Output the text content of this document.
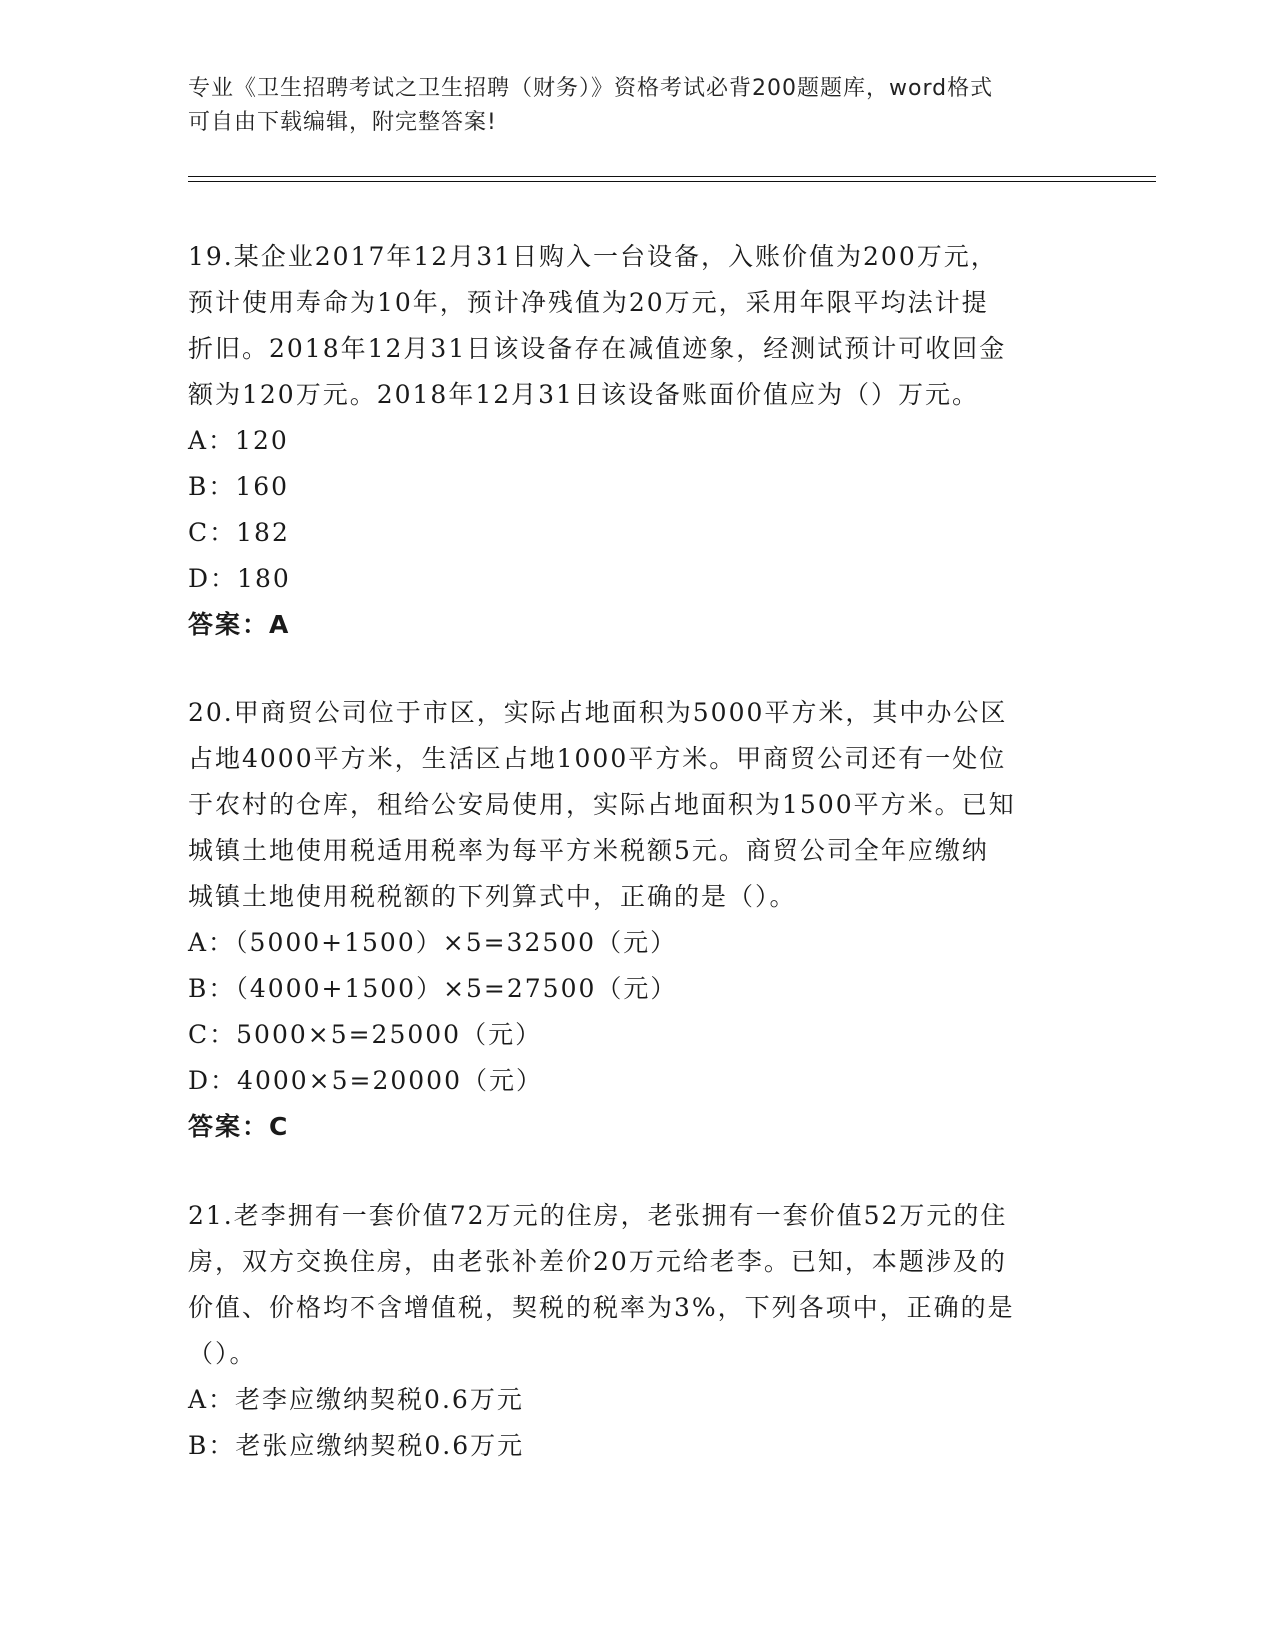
专业《卫生招聘考试之卫生招聘（财务）》资格考试必背200题题库，word格式
可自由下载编辑，附完整答案!

19.某企业2017年12月31日购入一台设备，入账价值为200万元，

预计使用寿命为10年，预计净残值为20万元，采用年限平均法计提

折旧。2018年12月31日该设备存在减值迹象，经测试预计可收回金

额为120万元。2018年12月31日该设备账面价值应为（）万元。

A：120

B：160

C：182

D：180

答案：A

20.甲商贸公司位于市区，实际占地面积为5000平方米，其中办公区

占地4000平方米，生活区占地1000平方米。甲商贸公司还有一处位

于农村的仓库，租给公安局使用，实际占地面积为1500平方米。已知

城镇土地使用税适用税率为每平方米税额5元。商贸公司全年应缴纳

城镇土地使用税税额的下列算式中，正确的是（）。

A：（5000+1500）×5=32500（元）

B：（4000+1500）×5=27500（元）

C：5000×5=25000（元）

D：4000×5=20000（元）

答案：C

21.老李拥有一套价值72万元的住房，老张拥有一套价值52万元的住

房，双方交换住房，由老张补差价20万元给老李。已知，本题涉及的

价值、价格均不含增值税，契税的税率为3%，下列各项中，正确的是

（）。

A：老李应缴纳契税0.6万元

B：老张应缴纳契税0.6万元
